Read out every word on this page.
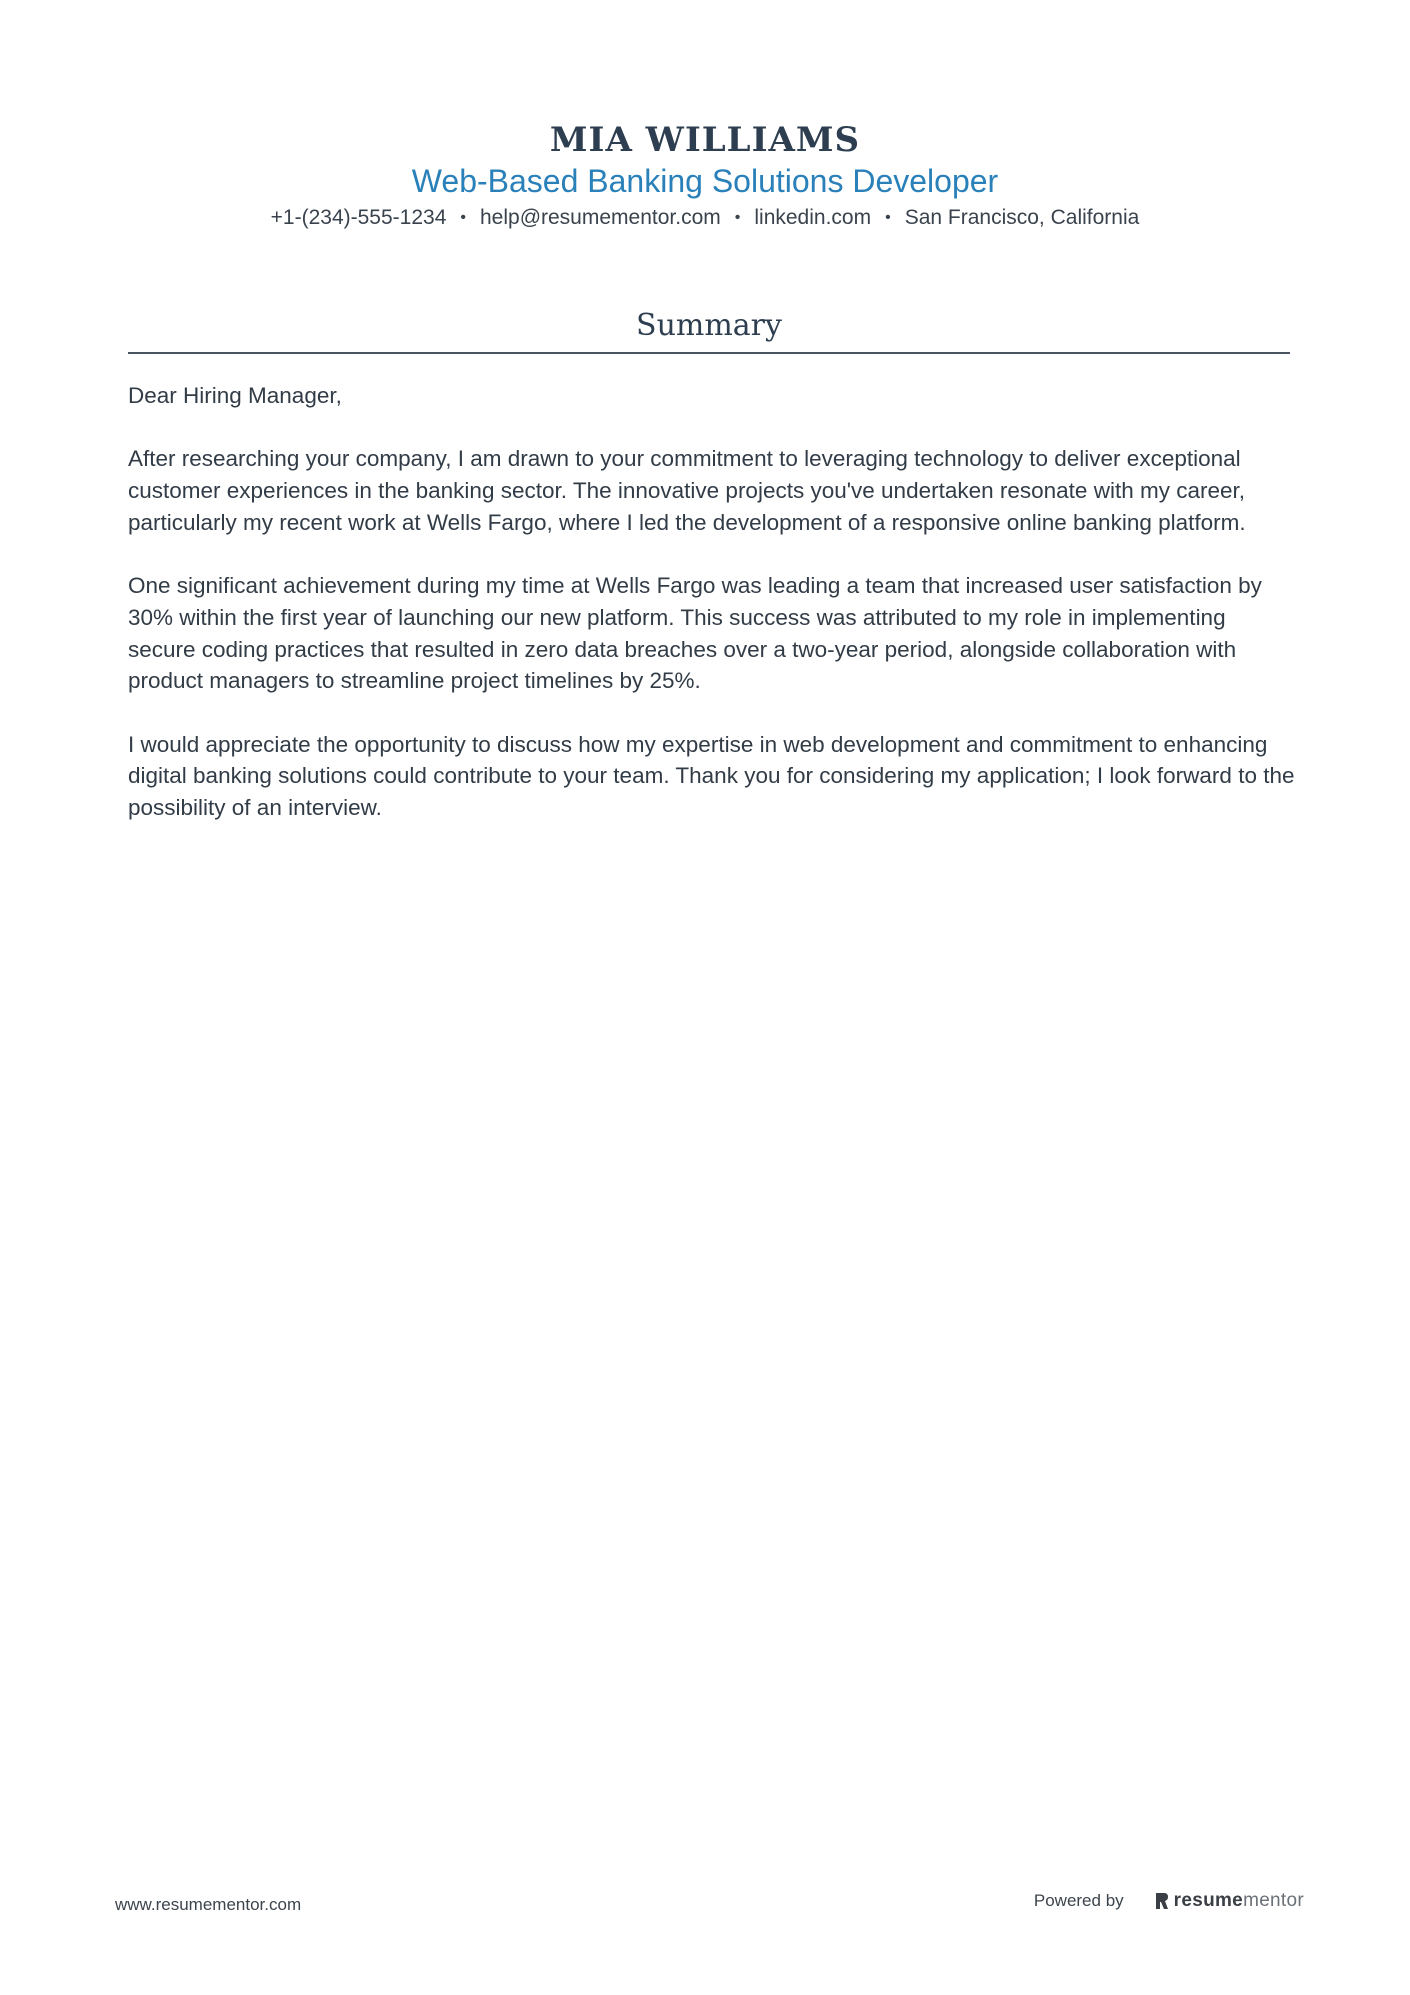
MIA WILLIAMS
Web-Based Banking Solutions Developer
+1-(234)-555-1234 • help@resumementor.com • linkedin.com • San Francisco, California
Summary

Dear Hiring Manager,

After researching your company, I am drawn to your commitment to leveraging technology to deliver exceptional customer experiences in the banking sector. The innovative projects you've undertaken resonate with my career, particularly my recent work at Wells Fargo, where I led the development of a responsive online banking platform.

One significant achievement during my time at Wells Fargo was leading a team that increased user satisfaction by 30% within the first year of launching our new platform. This success was attributed to my role in implementing secure coding practices that resulted in zero data breaches over a two-year period, alongside collaboration with product managers to streamline project timelines by 25%.

I would appreciate the opportunity to discuss how my expertise in web development and commitment to enhancing digital banking solutions could contribute to your team. Thank you for considering my application; I look forward to the possibility of an interview.

www.resumementor.com	Powered by	resume mentor
